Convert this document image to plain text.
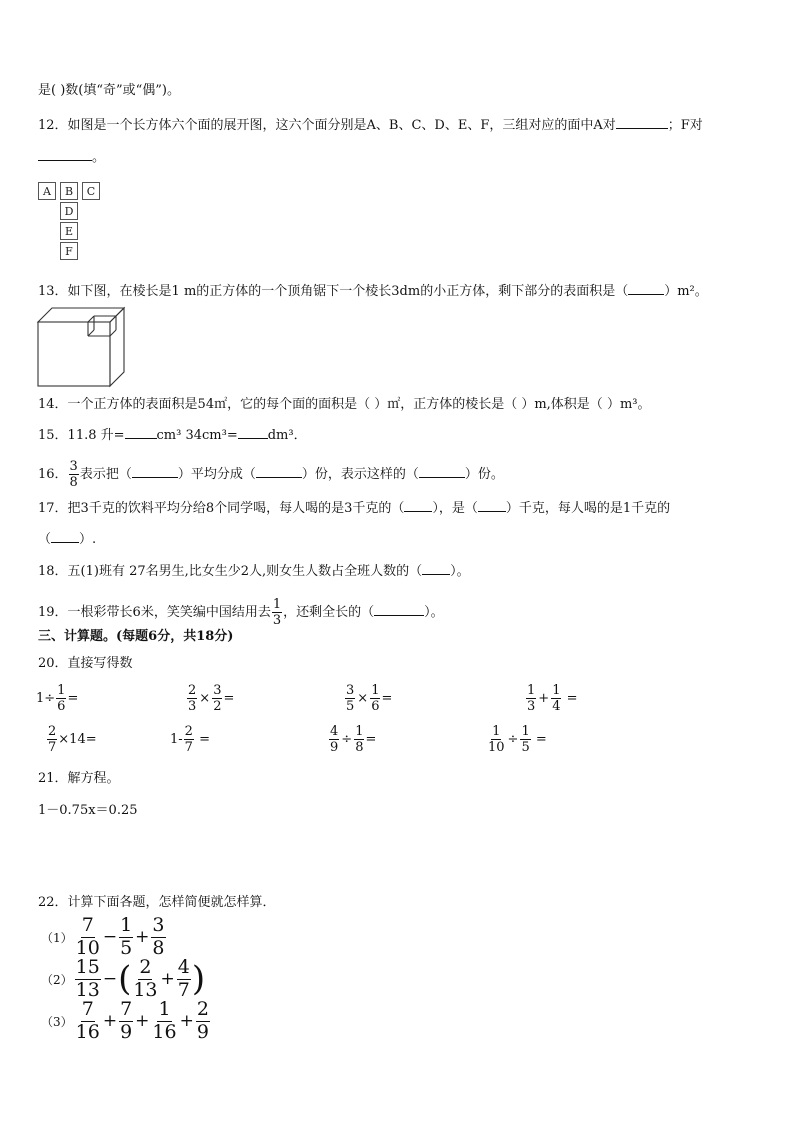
是( )数(填“奇”或“偶”)。
12．如图是一个长方体六个面的展开图，这六个面分别是A、B、C、D、E、F，三组对应的面中A对	；F对
。
A	B	C
D
E
F
13．如下图，在棱长是1 m的正方体的一个顶角锯下一个棱长3dm的小正方体，剩下部分的表面积是（	）m²。
14．一个正方体的表面积是54㎡，它的每个面的面积是（ ）㎡，正方体的棱长是（ ）m,体积是（ ）m³。
15．11.8 升= cm³ 34cm³= dm³．
16． $\frac{3}{8}$ 表示把（	）平均分成（	）份，表示这样的（	）份。
17．把3千克的饮料平均分给8个同学喝，每人喝的是3千克的（ ），是（ ）千克，每人喝的是1千克的
（ ）.
18．五(1)班有 27名男生,比女生少2人,则女生人数占全班人数的（ ）。
19．一根彩带长6米，笑笑编中国结用去 $\frac{1}{3}$ ，还剩全长的（	）。
三、计算题。(每题6分，共18分)
20．直接写得数
$1\div \frac{1}{6}$ =	$\frac{2}{3} \times \frac{3}{2}$ =	$\frac{3}{5} \times \frac{1}{6}$ =	$\frac{1}{3} + \frac{1}{4}$ =
$\frac{2}{7} \times 14=$	$1- \frac{2}{7}$ =	$\frac{4}{9} \div \frac{1}{8}$ =	$\frac{1}{10} \div \frac{1}{5}$ =
21．解方程。
1－0.75x＝0.25
22．计算下面各题，怎样简便就怎样算．
$(1) \frac{7}{10} - \frac{1}{5} + \frac{3}{8}$
$(2) \frac{15}{13}$ −( $\frac{2}{13} + \frac{4}{7}$ )
$(3) \frac{7}{16} + \frac{7}{9} + \frac{1}{16} + \frac{2}{9}$
